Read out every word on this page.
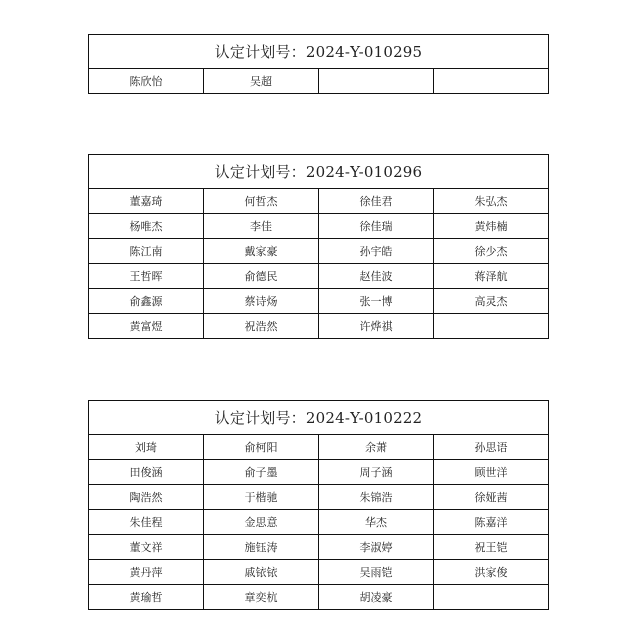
认定计划号：2024-Y-010295
陈欣怡	吴超		
认定计划号：2024-Y-010296			
董嘉琦	何哲杰	徐佳君	朱弘杰
杨唯杰	李佳	徐佳瑞	黄炜楠
陈江南	戴家豪	孙宇皓	徐少杰
王哲晖	俞德民	赵佳波	蒋泽航
俞鑫源	蔡诗炀	张一博	高灵杰
黄富煜	祝浩然	许烨祺	
认定计划号：2024-Y-010222			
刘琦	俞柯阳	余萧	孙思语
田俊涵	俞子墨	周子涵	顾世洋
陶浩然	于楷驰	朱锦浩	徐娅茜
朱佳程	金思意	华杰	陈嘉洋
董文祥	施钰涛	李淑婷	祝王铠
黄丹萍	戚铱铱	吴雨铠	洪家俊
黄瑜哲	章奕杭	胡凌豪	
